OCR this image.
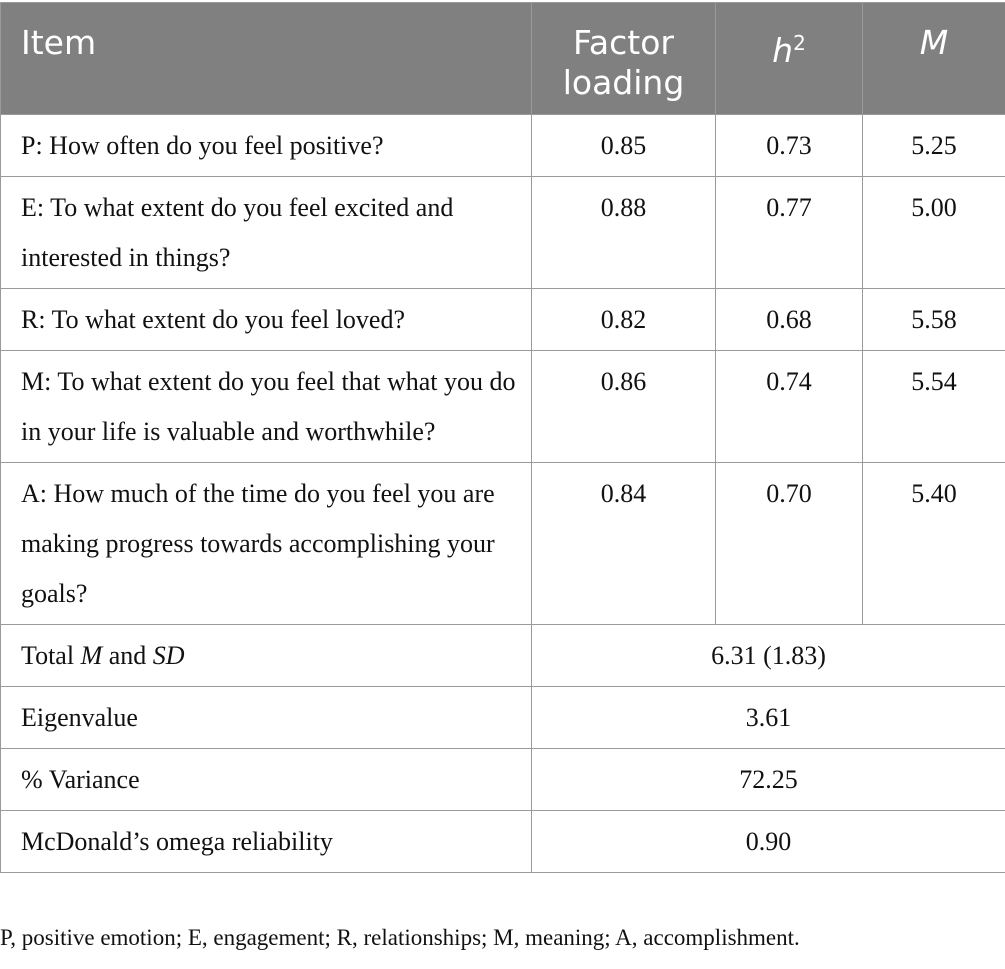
Item	Factor loading	$h^2$	M
P: How often do you feel positive?	0.85	0.73	5.25
E: To what extent do you feel excited and interested in things?	0.88	0.77	5.00
R: To what extent do you feel loved?	0.82	0.68	5.58
M: To what extent do you feel that what you do in your life is valuable and worthwhile?	0.86	0.74	5.54
A: How much of the time do you feel you are making progress towards accomplishing your goals?	0.84	0.70	5.40
Total M and SD	6.31 (1.83)		
Eigenvalue	3.61		
% Variance	72.25		
McDonald’s omega reliability	0.90		
P, positive emotion; E, engagement; R, relationships; M, meaning; A, accomplishment.
